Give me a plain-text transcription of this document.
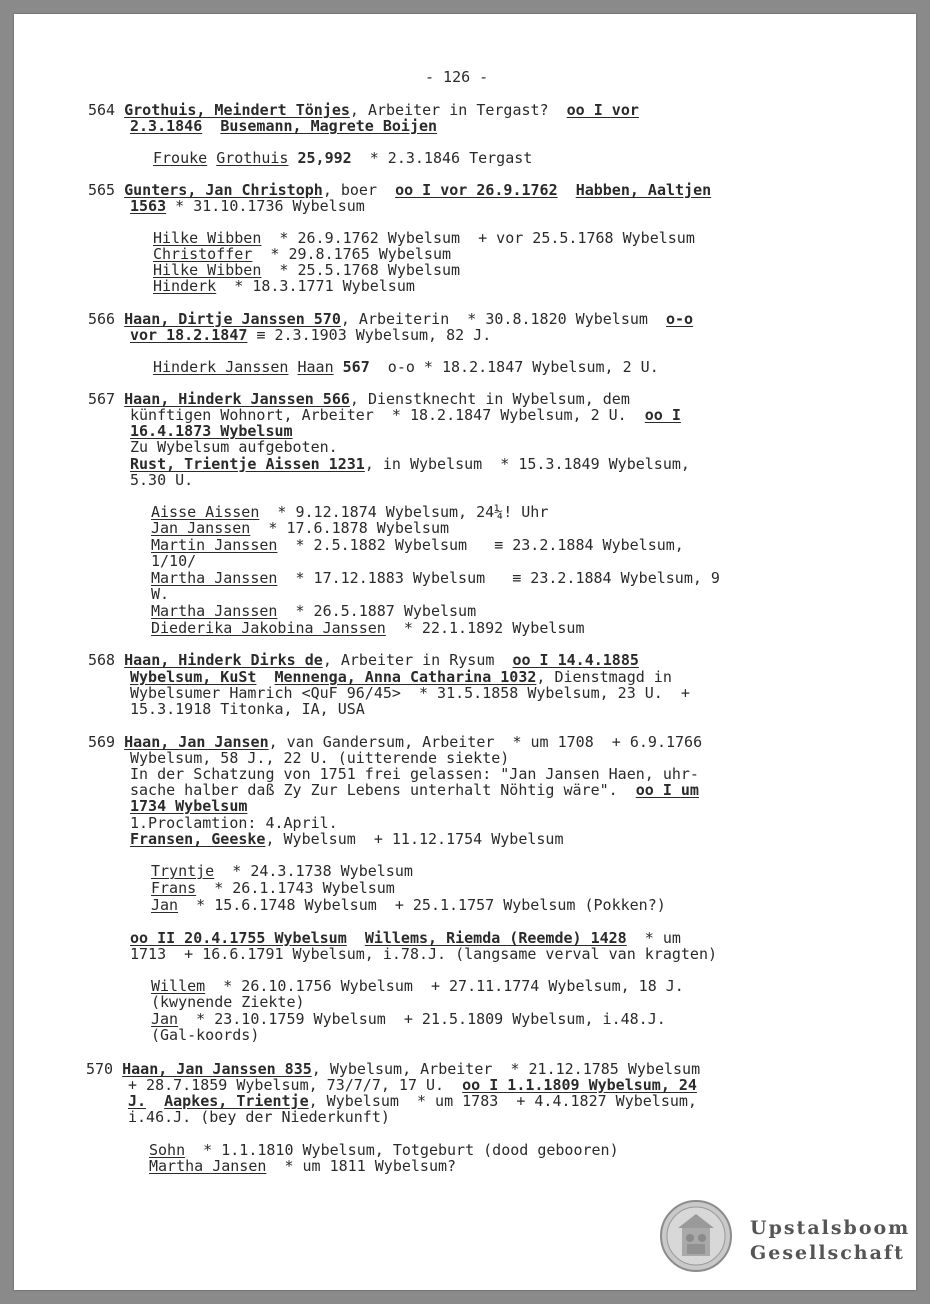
- 126 -
564 Grothuis, Meindert Tönjes, Arbeiter in Tergast?  oo I vor
2.3.1846 Busemann, Magrete Boijen
Frouke Grothuis 25,992  * 2.3.1846 Tergast
565 Gunters, Jan Christoph, boer  oo I vor 26.9.1762 Habben, Aaltjen
1563 * 31.10.1736 Wybelsum
Hilke Wibben  * 26.9.1762 Wybelsum  + vor 25.5.1768 Wybelsum
Christoffer  * 29.8.1765 Wybelsum
Hilke Wibben  * 25.5.1768 Wybelsum
Hinderk  * 18.3.1771 Wybelsum
566 Haan, Dirtje Janssen 570, Arbeiterin  * 30.8.1820 Wybelsum  o-o
vor 18.2.1847 ≡ 2.3.1903 Wybelsum, 82 J.
Hinderk Janssen Haan 567  o-o * 18.2.1847 Wybelsum, 2 U.
567 Haan, Hinderk Janssen 566, Dienstknecht in Wybelsum, dem
künftigen Wohnort, Arbeiter  * 18.2.1847 Wybelsum, 2 U.  oo I
16.4.1873 Wybelsum
Zu Wybelsum aufgeboten.
Rust, Trientje Aissen 1231, in Wybelsum  * 15.3.1849 Wybelsum,
5.30 U.
Aisse Aissen  * 9.12.1874 Wybelsum, 24¼! Uhr
Jan Janssen  * 17.6.1878 Wybelsum
Martin Janssen  * 2.5.1882 Wybelsum   ≡ 23.2.1884 Wybelsum,
1/10/
Martha Janssen  * 17.12.1883 Wybelsum   ≡ 23.2.1884 Wybelsum, 9
W.
Martha Janssen  * 26.5.1887 Wybelsum
Diederika Jakobina Janssen  * 22.1.1892 Wybelsum
568 Haan, Hinderk Dirks de, Arbeiter in Rysum  oo I 14.4.1885
Wybelsum, KuSt Mennenga, Anna Catharina 1032, Dienstmagd in
Wybelsumer Hamrich <QuF 96/45>  * 31.5.1858 Wybelsum, 23 U.  +
15.3.1918 Titonka, IA, USA
569 Haan, Jan Jansen, van Gandersum, Arbeiter  * um 1708  + 6.9.1766
Wybelsum, 58 J., 22 U. (uitterende siekte)
In der Schatzung von 1751 frei gelassen: "Jan Jansen Haen, uhr-
sache halber daß Zy Zur Lebens unterhalt Nöhtig wäre".  oo I um
1734 Wybelsum
1.Proclamtion: 4.April.
Fransen, Geeske, Wybelsum  + 11.12.1754 Wybelsum
Tryntje  * 24.3.1738 Wybelsum
Frans  * 26.1.1743 Wybelsum
Jan  * 15.6.1748 Wybelsum  + 25.1.1757 Wybelsum (Pokken?)
oo II 20.4.1755 Wybelsum Willems, Riemda (Reemde) 1428  * um
1713  + 16.6.1791 Wybelsum, i.78.J. (langsame verval van kragten)
Willem  * 26.10.1756 Wybelsum  + 27.11.1774 Wybelsum, 18 J.
(kwynende Ziekte)
Jan  * 23.10.1759 Wybelsum  + 21.5.1809 Wybelsum, i.48.J.
(Gal-koords)
570 Haan, Jan Janssen 835, Wybelsum, Arbeiter  * 21.12.1785 Wybelsum
+ 28.7.1859 Wybelsum, 73/7/7, 17 U.  oo I 1.1.1809 Wybelsum, 24
J. Aapkes, Trientje, Wybelsum  * um 1783  + 4.4.1827 Wybelsum,
i.46.J. (bey der Niederkunft)
Sohn  * 1.1.1810 Wybelsum, Totgeburt (dood gebooren)
Martha Jansen  * um 1811 Wybelsum?
Upstalsboom
Gesellschaft
